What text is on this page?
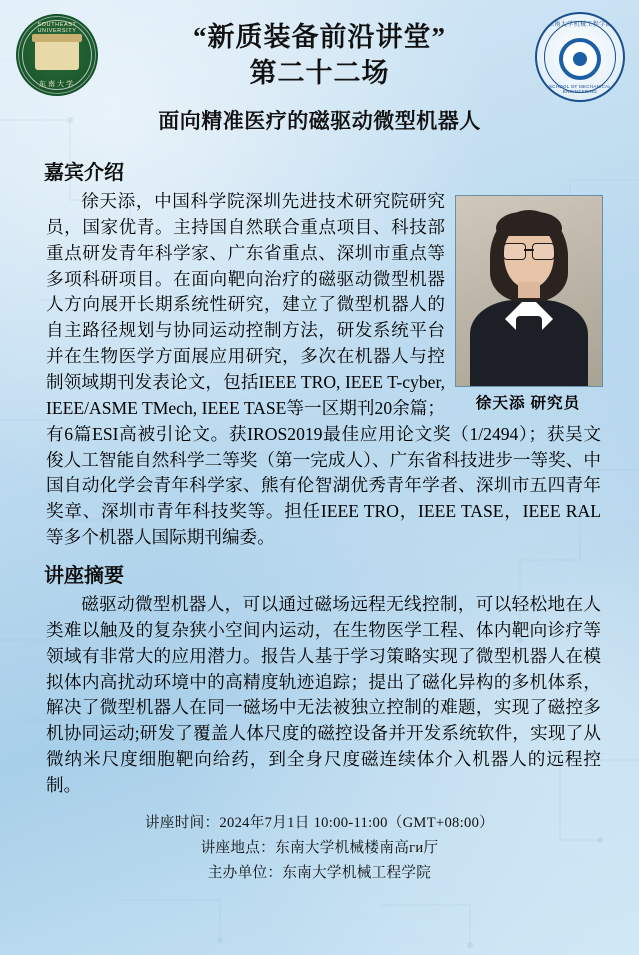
SOUTHEAST UNIVERSITY
东南大学
东南大学机械工程学院
SCHOOL OF MECHANICAL ENGINEERING
“新质装备前沿讲堂”
第二十二场
面向精准医疗的磁驱动微型机器人
嘉宾介绍
徐天添 研究员
徐天添，中国科学院深圳先进技术研究院研究员，国家优青。主持国自然联合重点项目、科技部重点研发青年科学家、广东省重点、深圳市重点等多项科研项目。在面向靶向治疗的磁驱动微型机器人方向展开长期系统性研究，建立了微型机器人的自主路径规划与协同运动控制方法，研发系统平台并在生物医学方面展应用研究，多次在机器人与控制领域期刊发表论文，包括IEEE TRO, IEEE T-cyber, IEEE/ASME TMech, IEEE TASE等一区期刊20余篇；有6篇ESI高被引论文。获IROS2019最佳应用论文奖（1/2494）；获吴文俊人工智能自然科学二等奖（第一完成人）、广东省科技进步一等奖、中国自动化学会青年科学家、熊有伦智湖优秀青年学者、深圳市五四青年奖章、深圳市青年科技奖等。担任IEEE TRO，IEEE TASE，IEEE RAL等多个机器人国际期刊编委。
讲座摘要
磁驱动微型机器人，可以通过磁场远程无线控制，可以轻松地在人类难以触及的复杂狭小空间内运动，在生物医学工程、体内靶向诊疗等领域有非常大的应用潜力。报告人基于学习策略实现了微型机器人在模拟体内高扰动环境中的高精度轨迹追踪；提出了磁化异构的多机体系，解决了微型机器人在同一磁场中无法被独立控制的难题，实现了磁控多机协同运动;研发了覆盖人体尺度的磁控设备并开发系统软件，实现了从微纳米尺度细胞靶向给药，到全身尺度磁连续体介入机器人的远程控制。
讲座时间：2024年7月1日 10:00-11:00（GMT+08:00）
讲座地点：东南大学机械楼南高ги厅
主办单位：东南大学机械工程学院
